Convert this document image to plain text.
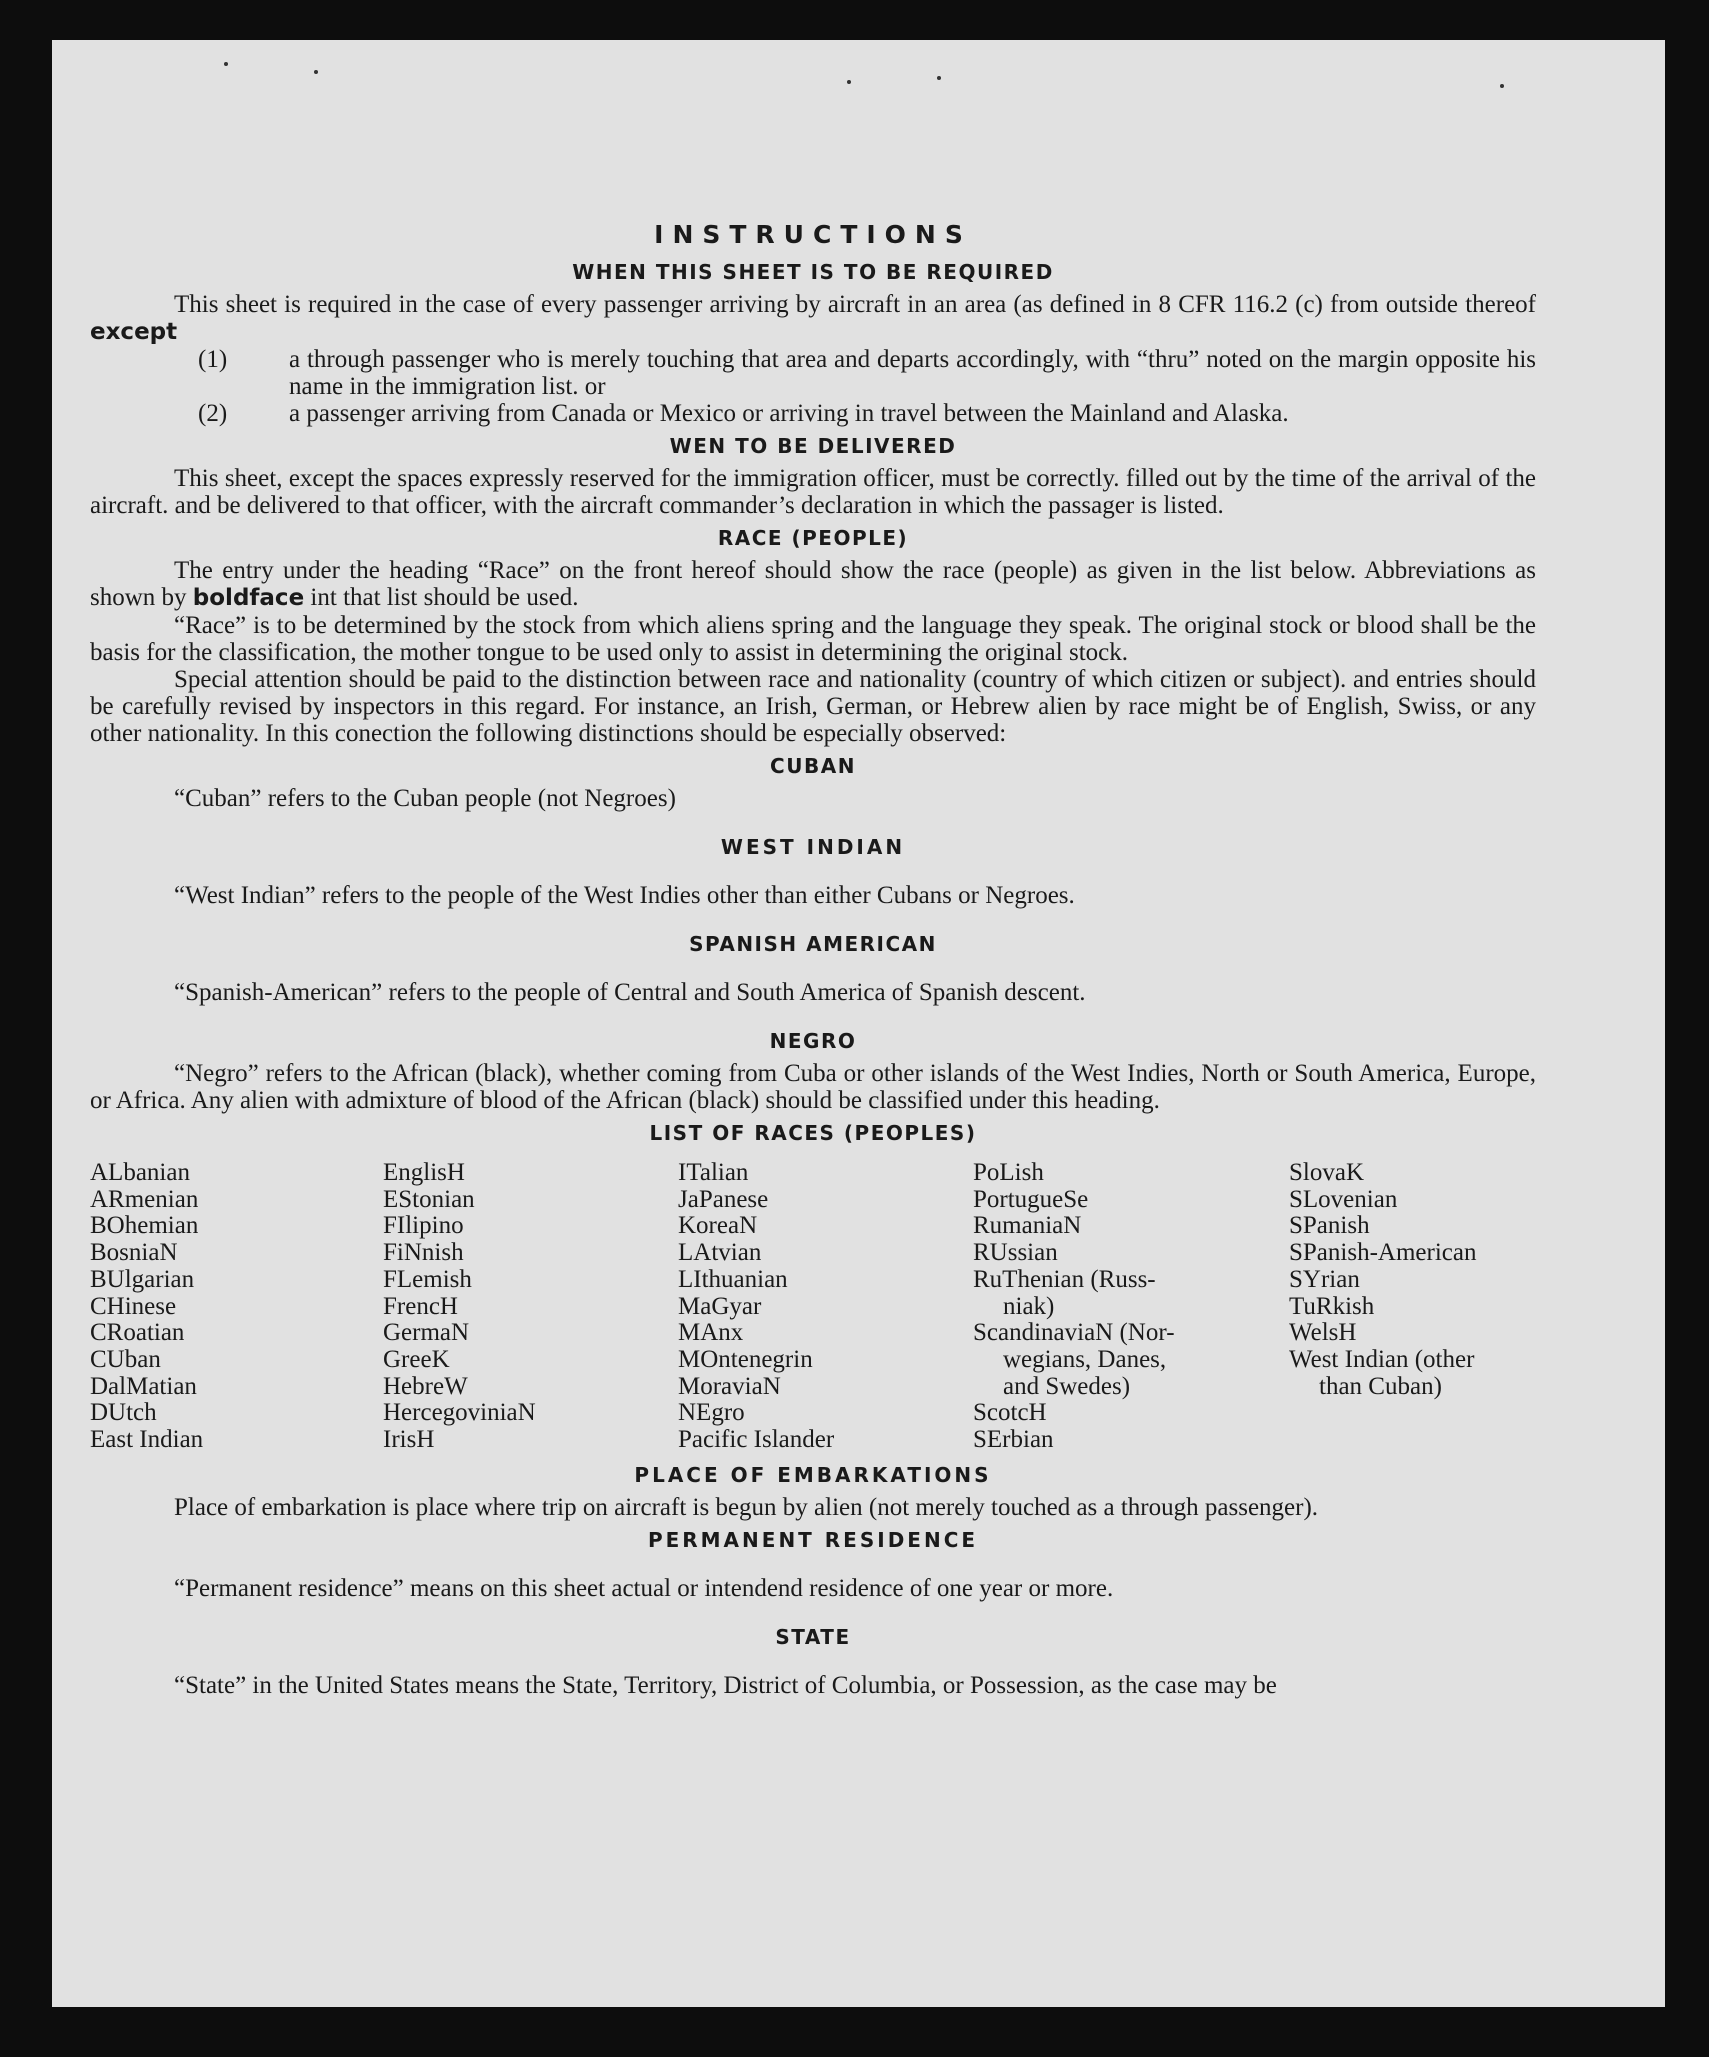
INSTRUCTIONS
WHEN THIS SHEET IS TO BE REQUIRED

This sheet is required in the case of every passenger arriving by aircraft in an area (as defined in 8 CFR 116.2 (c) from outside thereof except

(1) a through passenger who is merely touching that area and departs accordingly, with “thru” noted on the margin opposite his name in the immigration list. or
(2) a passenger arriving from Canada or Mexico or arriving in travel between the Mainland and Alaska.
WEN TO BE DELIVERED

This sheet, except the spaces expressly reserved for the immigration officer, must be correctly. filled out by the time of the arrival of the aircraft. and be delivered to that officer, with the aircraft commander’s declaration in which the passager is listed.

RACE (PEOPLE)

The entry under the heading “Race” on the front hereof should show the race (people) as given in the list below. Abbreviations as shown by boldface int that list should be used.

“Race” is to be determined by the stock from which aliens spring and the language they speak. The original stock or blood shall be the basis for the classification, the mother tongue to be used only to assist in determining the original stock.

Special attention should be paid to the distinction between race and nationality (country of which citizen or subject). and entries should be carefully revised by inspectors in this regard. For instance, an Irish, German, or Hebrew alien by race might be of English, Swiss, or any other nationality. In this conection the following distinctions should be especially observed:

CUBAN

“Cuban” refers to the Cuban people (not Negroes)

WEST INDIAN

“West Indian” refers to the people of the West Indies other than either Cubans or Negroes.

SPANISH AMERICAN

“Spanish-American” refers to the people of Central and South America of Spanish descent.

NEGRO

“Negro” refers to the African (black), whether coming from Cuba or other islands of the West Indies, North or South America, Europe, or Africa. Any alien with admixture of blood of the African (black) should be classified under this heading.

LIST OF RACES (PEOPLES)
ALbanian
ARmenian
BOhemian
BosniaN
BUlgarian
CHinese
CRoatian
CUban
DalMatian
DUtch
East Indian
EnglisH
EStonian
FIlipino
FiNnish
FLemish
FrencH
GermaN
GreeK
HebreW
HercegovinіaN
IrisH
ITalian
JaPanese
KoreaN
LAtvian
LIthuanian
MaGyar
MAnx
MOntenegrin
MoraviaN
NEgro
Pacific Islander
PoLish
PortugueSe
RumaniaN
RUssian
RuThenian (Russ-
niak)
ScandinaviaN (Nor-
wegians, Danes,
and Swedes)
ScotcH
SErbian
SlovaK
SLovenian
SPanish
SPanish-American
SYrian
TuRkish
WelsH
West Indian (other
than Cuban)
PLACE OF EMBARKATIONS

Place of embarkation is place where trip on aircraft is begun by alien (not merely touched as a through passenger).

PERMANENT RESIDENCE

“Permanent residence” means on this sheet actual or intendend residence of one year or more.

STATE

“State” in the United States means the State, Territory, District of Columbia, or Possession, as the case may be
